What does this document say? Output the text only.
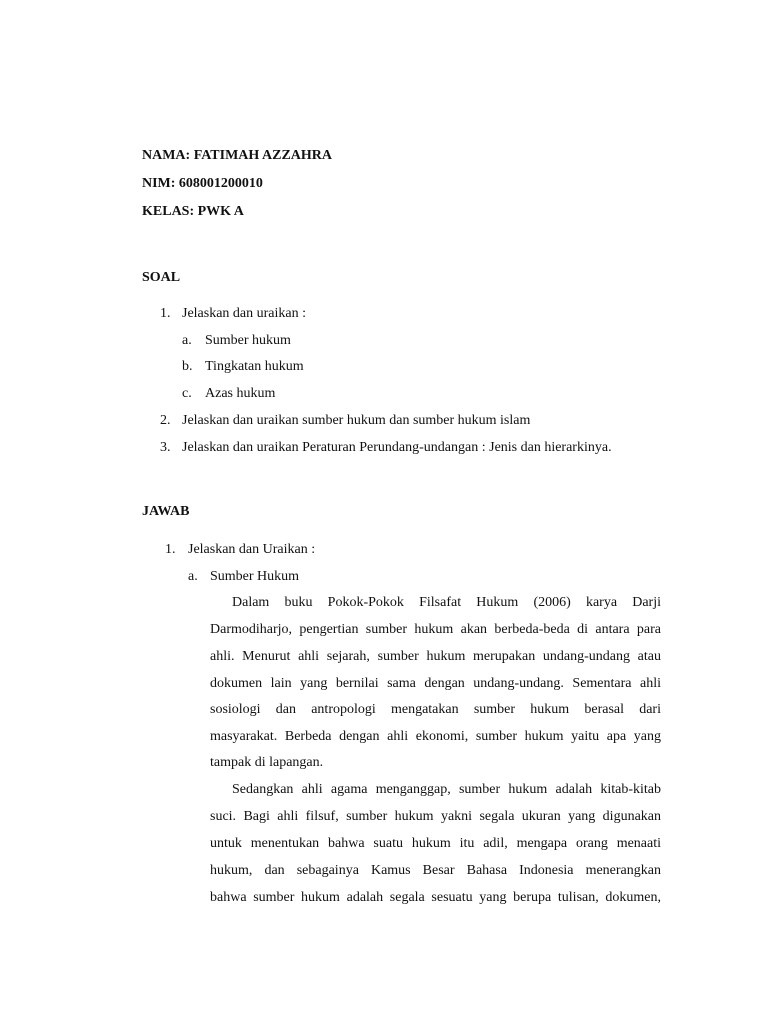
NAMA: FATIMAH AZZAHRA
NIM: 608001200010
KELAS: PWK A
SOAL
1. Jelaskan dan uraikan :
a. Sumber hukum
b. Tingkatan hukum
c. Azas hukum
2. Jelaskan dan uraikan sumber hukum dan sumber hukum islam
3. Jelaskan dan uraikan Peraturan Perundang-undangan : Jenis dan hierarkinya.
JAWAB
1. Jelaskan dan Uraikan :
a. Sumber Hukum
Dalam buku Pokok-Pokok Filsafat Hukum (2006) karya Darji
Darmodiharjo, pengertian sumber hukum akan berbeda-beda di antara para
ahli. Menurut ahli sejarah, sumber hukum merupakan undang-undang atau
dokumen lain yang bernilai sama dengan undang-undang. Sementara ahli
sosiologi dan antropologi mengatakan sumber hukum berasal dari
masyarakat. Berbeda dengan ahli ekonomi, sumber hukum yaitu apa yang
tampak di lapangan.
Sedangkan ahli agama menganggap, sumber hukum adalah kitab-kitab
suci. Bagi ahli filsuf, sumber hukum yakni segala ukuran yang digunakan
untuk menentukan bahwa suatu hukum itu adil, mengapa orang menaati
hukum, dan sebagainya Kamus Besar Bahasa Indonesia menerangkan
bahwa sumber hukum adalah segala sesuatu yang berupa tulisan, dokumen,
